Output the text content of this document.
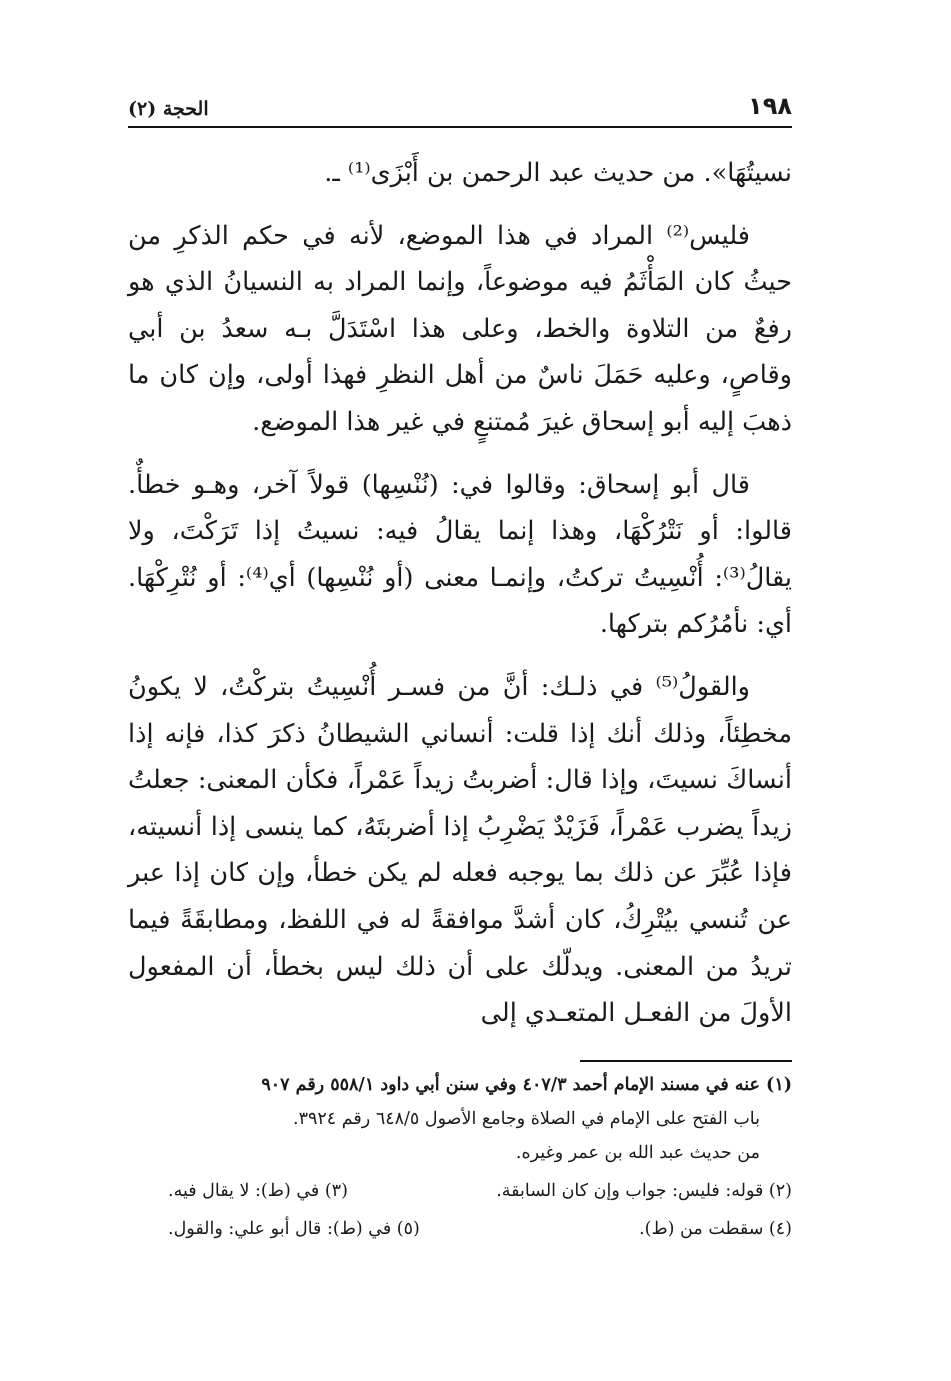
١٩٨
الحجة (٢)

نسيتُهَا». من حديث عبد الرحمن بن أَبْزَى⁽¹⁾ ـ.

فليس⁽²⁾ المراد في هذا الموضع، لأنه في حكم الذكرِ من حيثُ كان المَأْثَمُ فيه موضوعاً، وإنما المراد به النسيانُ الذي هو رفعٌ من التلاوة والخط، وعلى هذا اسْتَدَلَّ بـه سعدُ بن أبي وقاصٍ، وعليه حَمَلَ ناسٌ من أهل النظرِ فهذا أولى، وإن كان ما ذهبَ إليه أبو إسحاق غيرَ مُمتنعٍ في غير هذا الموضع.

قال أبو إسحاق: وقالوا في: (نُنْسِها) قولاً آخر، وهـو خطأٌ. قالوا: أو نَتْرُكْهَا، وهذا إنما يقالُ فيه: نسيتُ إذا تَرَكْتَ، ولا يقالُ⁽³⁾: أُنْسِيتُ تركتُ، وإنمـا معنى (أو نُنْسِها) أي⁽⁴⁾: أو نُتْرِكْهَا. أي: نأمُرُكم بتركها.

والقولُ⁽⁵⁾ في ذلـك: أنَّ من فسـر أُنْسِيتُ بتركْتُ، لا يكونُ مخطِئاً، وذلك أنك إذا قلت: أنساني الشيطانُ ذكرَ كذا، فإنه إذا أنساكَ نسيتَ، وإذا قال: أضربتُ زيداً عَمْراً، فكأن المعنى: جعلتُ زيداً يضرب عَمْراً، فَزَيْدٌ يَضْرِبُ إذا أضربتَهُ، كما ينسى إذا أنسيته، فإذا عُبِّرَ عن ذلك بما يوجبه فعله لم يكن خطأ، وإن كان إذا عبر عن تُنسي بيُتْرِكُ، كان أشدَّ موافقةً له في اللفظ، ومطابقَةً فيما تريدُ من المعنى. ويدلّك على أن ذلك ليس بخطأ، أن المفعول الأولَ من الفعـل المتعـدي إلى

(١) عنه في مسند الإمام أحمد ٤٠٧/٣ وفي سنن أبي داود ٥٥٨/١ رقم ٩٠٧

باب الفتح على الإمام في الصلاة وجامع الأصول ٦٤٨/٥ رقم ٣٩٢٤.

من حديث عبد الله بن عمر وغيره.

(٢) قوله: فليس: جواب وإن كان السابقة.
(٣) في (ط): لا يقال فيه.
(٤) سقطت من (ط).
(٥) في (ط): قال أبو علي: والقول.
